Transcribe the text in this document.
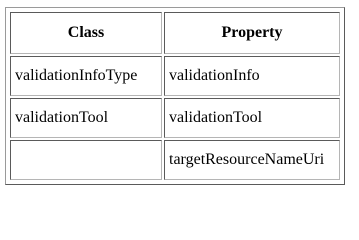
Class	Property
validationInfoType	validationInfo
validationTool	validationTool
	targetResourceNameUri
